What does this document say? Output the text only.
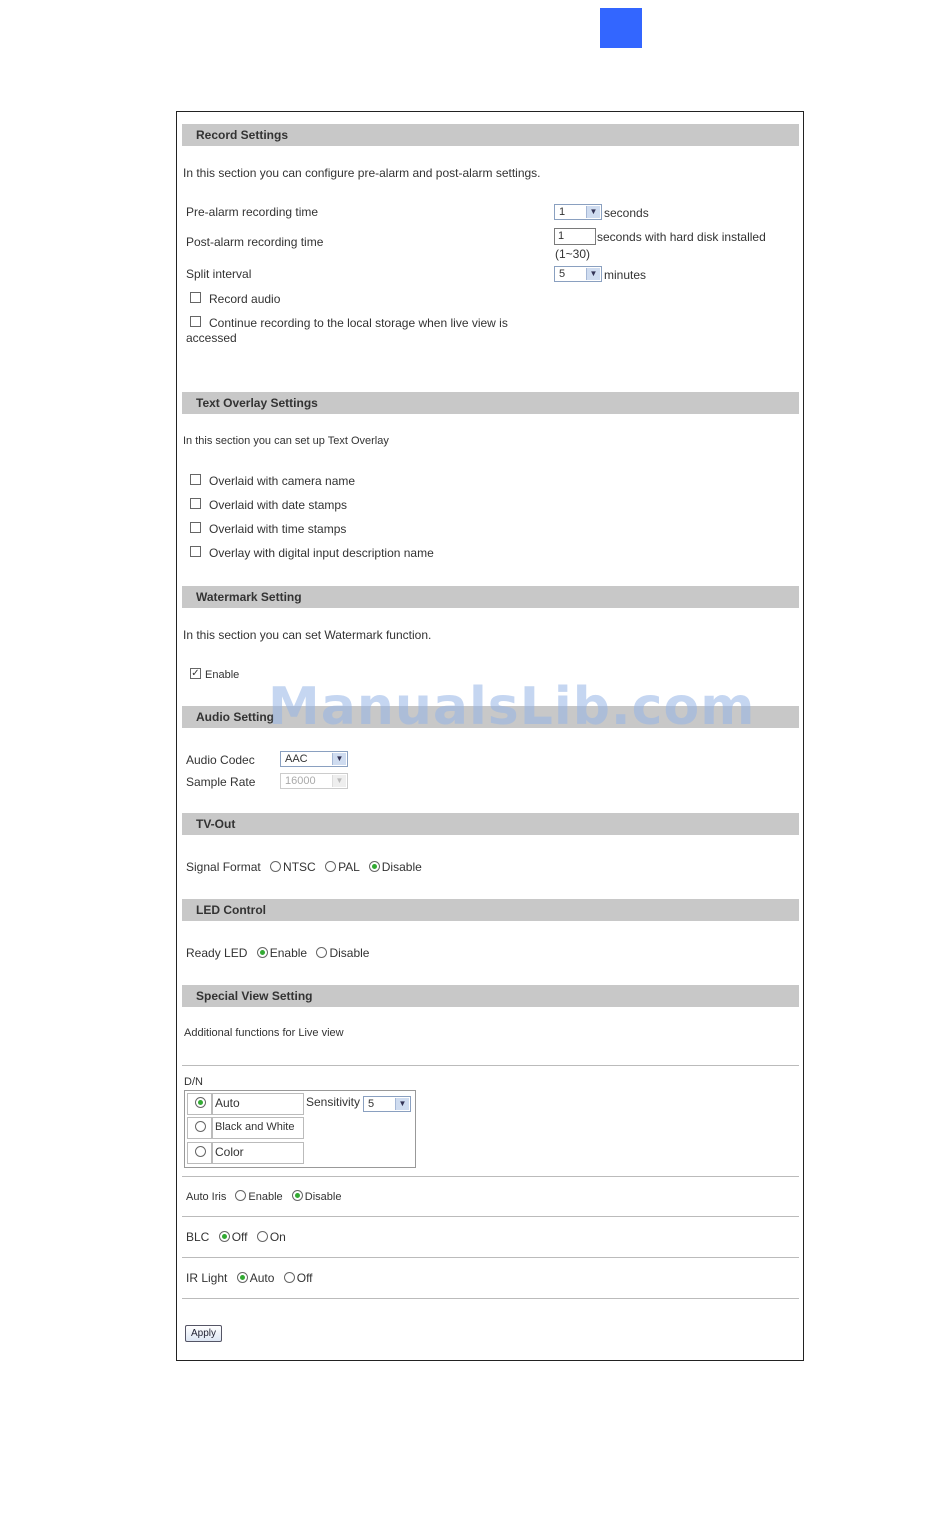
Record Settings
In this section you can configure pre-alarm and post-alarm settings.
Pre-alarm recording time	1	▼ seconds
Post-alarm recording time	1	seconds with hard disk installed
(1~30)
Split interval	5	▼ minutes
Record audio
Continue recording to the local storage when live view is
accessed
Text Overlay Settings
In this section you can set up Text Overlay
Overlaid with camera name
Overlaid with date stamps
Overlaid with time stamps
Overlay with digital input description name
Watermark Setting
In this section you can set Watermark function.
✓ Enable
Audio Setting
Audio Codec	AAC	▼
Sample Rate	16000	▼
TV-Out
Signal Format NTSC PAL Disable
LED Control
Ready LED Enable Disable
Special View Setting
Additional functions for Live view
D/N
Auto	Sensitivity 5	▼
Black and White
Color
Auto Iris Enable Disable
BLC Off On
IR Light Auto Off
Apply
ManualsLib.com
